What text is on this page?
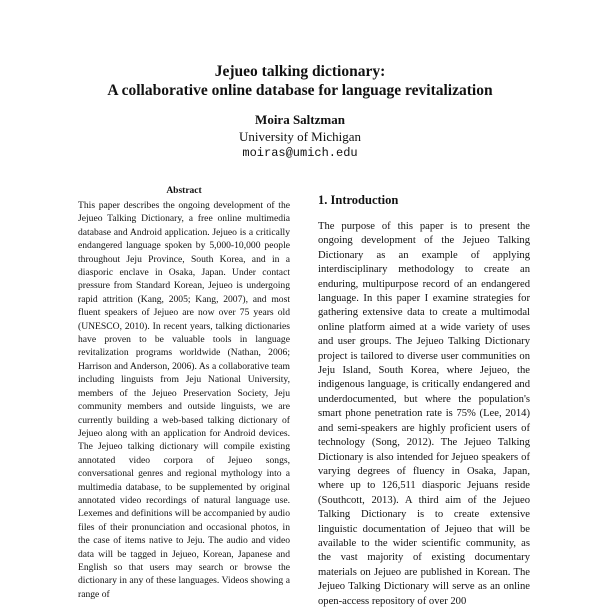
Jejueo talking dictionary:
A collaborative online database for language revitalization
Moira Saltzman
University of Michigan
moiras@umich.edu
Abstract

This paper describes the ongoing development of the Jejueo Talking Dictionary, a free online multimedia database and Android application. Jejueo is a critically endangered language spoken by 5,000-10,000 people throughout Jeju Province, South Korea, and in a diasporic enclave in Osaka, Japan. Under contact pressure from Standard Korean, Jejueo is undergoing rapid attrition (Kang, 2005; Kang, 2007), and most fluent speakers of Jejueo are now over 75 years old (UNESCO, 2010). In recent years, talking dictionaries have proven to be valuable tools in language revitalization programs worldwide (Nathan, 2006; Harrison and Anderson, 2006). As a collaborative team including linguists from Jeju National University, members of the Jejueo Preservation Society, Jeju community members and outside linguists, we are currently building a web-based talking dictionary of Jejueo along with an application for Android devices. The Jejueo talking dictionary will compile existing annotated video corpora of Jejueo songs, conversational genres and regional mythology into a multimedia database, to be supplemented by original annotated video recordings of natural language use. Lexemes and definitions will be accompanied by audio files of their pronunciation and occasional photos, in the case of items native to Jeju. The audio and video data will be tagged in Jejueo, Korean, Japanese and English so that users may search or browse the dictionary in any of these languages. Videos showing a range of

1. Introduction

The purpose of this paper is to present the ongoing development of the Jejueo Talking Dictionary as an example of applying interdisciplinary methodology to create an enduring, multipurpose record of an endangered language. In this paper I examine strategies for gathering extensive data to create a multimodal online platform aimed at a wide variety of uses and user groups. The Jejueo Talking Dictionary project is tailored to diverse user communities on Jeju Island, South Korea, where Jejueo, the indigenous language, is critically endangered and underdocumented, but where the population's smart phone penetration rate is 75% (Lee, 2014) and semi-speakers are highly proficient users of technology (Song, 2012). The Jejueo Talking Dictionary is also intended for Jejueo speakers of varying degrees of fluency in Osaka, Japan, where up to 126,511 diasporic Jejuans reside (Southcott, 2013). A third aim of the Jejueo Talking Dictionary is to create extensive linguistic documentation of Jejueo that will be available to the wider scientific community, as the vast majority of existing documentary materials on Jejueo are published in Korean. The Jejueo Talking Dictionary will serve as an online open-access repository of over 200
